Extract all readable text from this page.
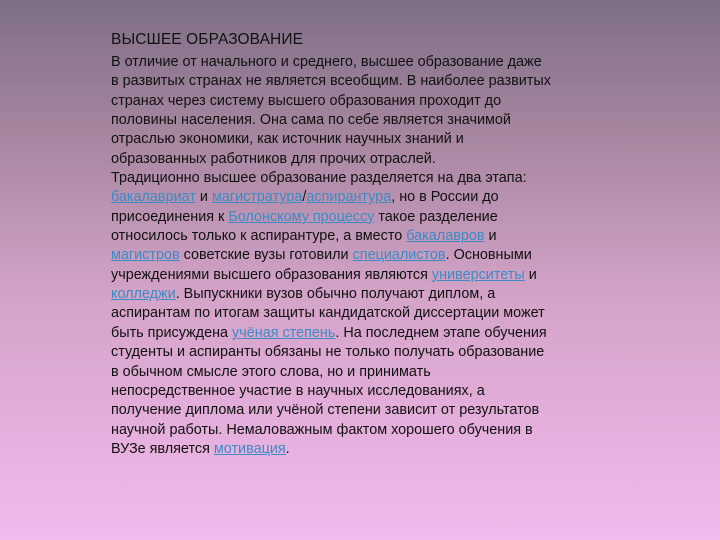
ВЫСШЕЕ ОБРАЗОВАНИЕ
В отличие от начального и среднего, высшее образование даже
в развитых странах не является всеобщим. В наиболее развитых
странах через систему высшего образования проходит до
половины населения. Она сама по себе является значимой
отраслью экономики, как источник научных знаний и
образованных работников для прочих отраслей.
Традиционно высшее образование разделяется на два этапа:
бакалавриат и магистратура/аспирантура, но в России до
присоединения к Болонскому процессу такое разделение
относилось только к аспирантуре, а вместо бакалавров и
магистров советские вузы готовили специалистов. Основными
учреждениями высшего образования являются университеты и
колледжи. Выпускники вузов обычно получают диплом, а
аспирантам по итогам защиты кандидатской диссертации может
быть присуждена учёная степень. На последнем этапе обучения
студенты и аспиранты обязаны не только получать образование
в обычном смысле этого слова, но и принимать
непосредственное участие в научных исследованиях, а
получение диплома или учёной степени зависит от результатов
научной работы. Немаловажным фактом хорошего обучения в
ВУЗе является мотивация.
